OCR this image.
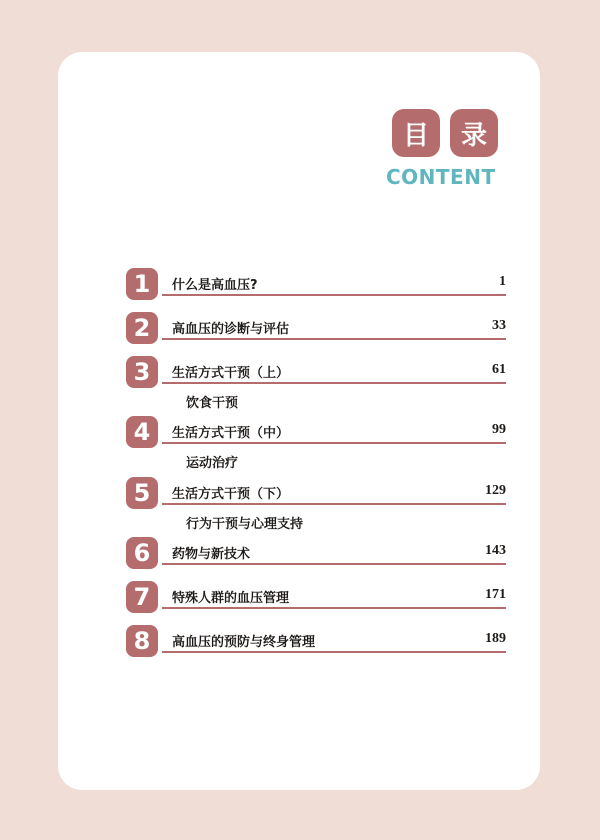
目	录
CONTENT
1	什么是高血压?	1
2	高血压的诊断与评估	33
3	生活方式干预（上）	61
饮食干预
4	生活方式干预（中）	99
运动治疗
5	生活方式干预（下）	129
行为干预与心理支持
6	药物与新技术	143
7	特殊人群的血压管理	171
8	高血压的预防与终身管理	189
